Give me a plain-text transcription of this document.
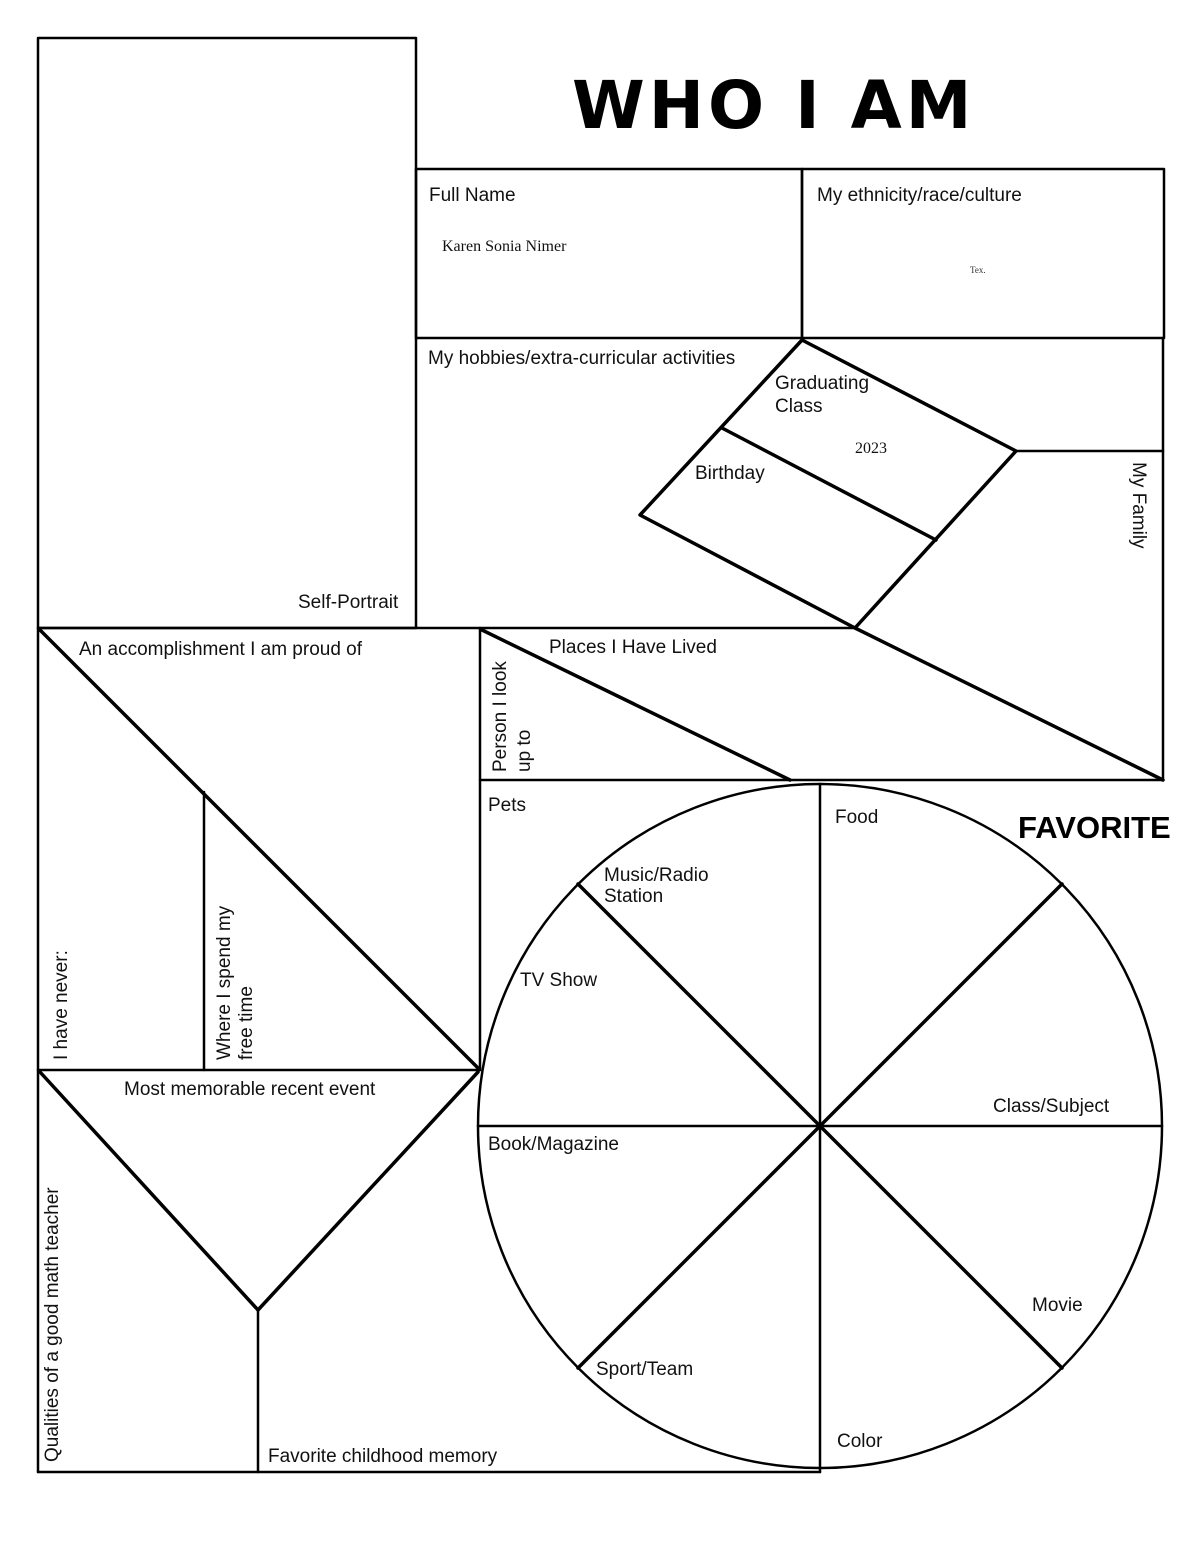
WHO I AM
FAVORITE
Self-Portrait
Full Name
Karen Sonia Nimer
My ethnicity/race/culture
Tex.
My hobbies/extra-curricular activities
Graduating
Class
2023
Birthday	My Family
An accomplishment I am proud of	Places I Have Lived
Person I look up to
Pets
I have never:	Where I spend my free time
Most memorable recent event
Qualities of a good math teacher	Favorite childhood memory
Food
Music/Radio
Station
TV Show
Class/Subject
Book/Magazine
Movie
Sport/Team
Color
